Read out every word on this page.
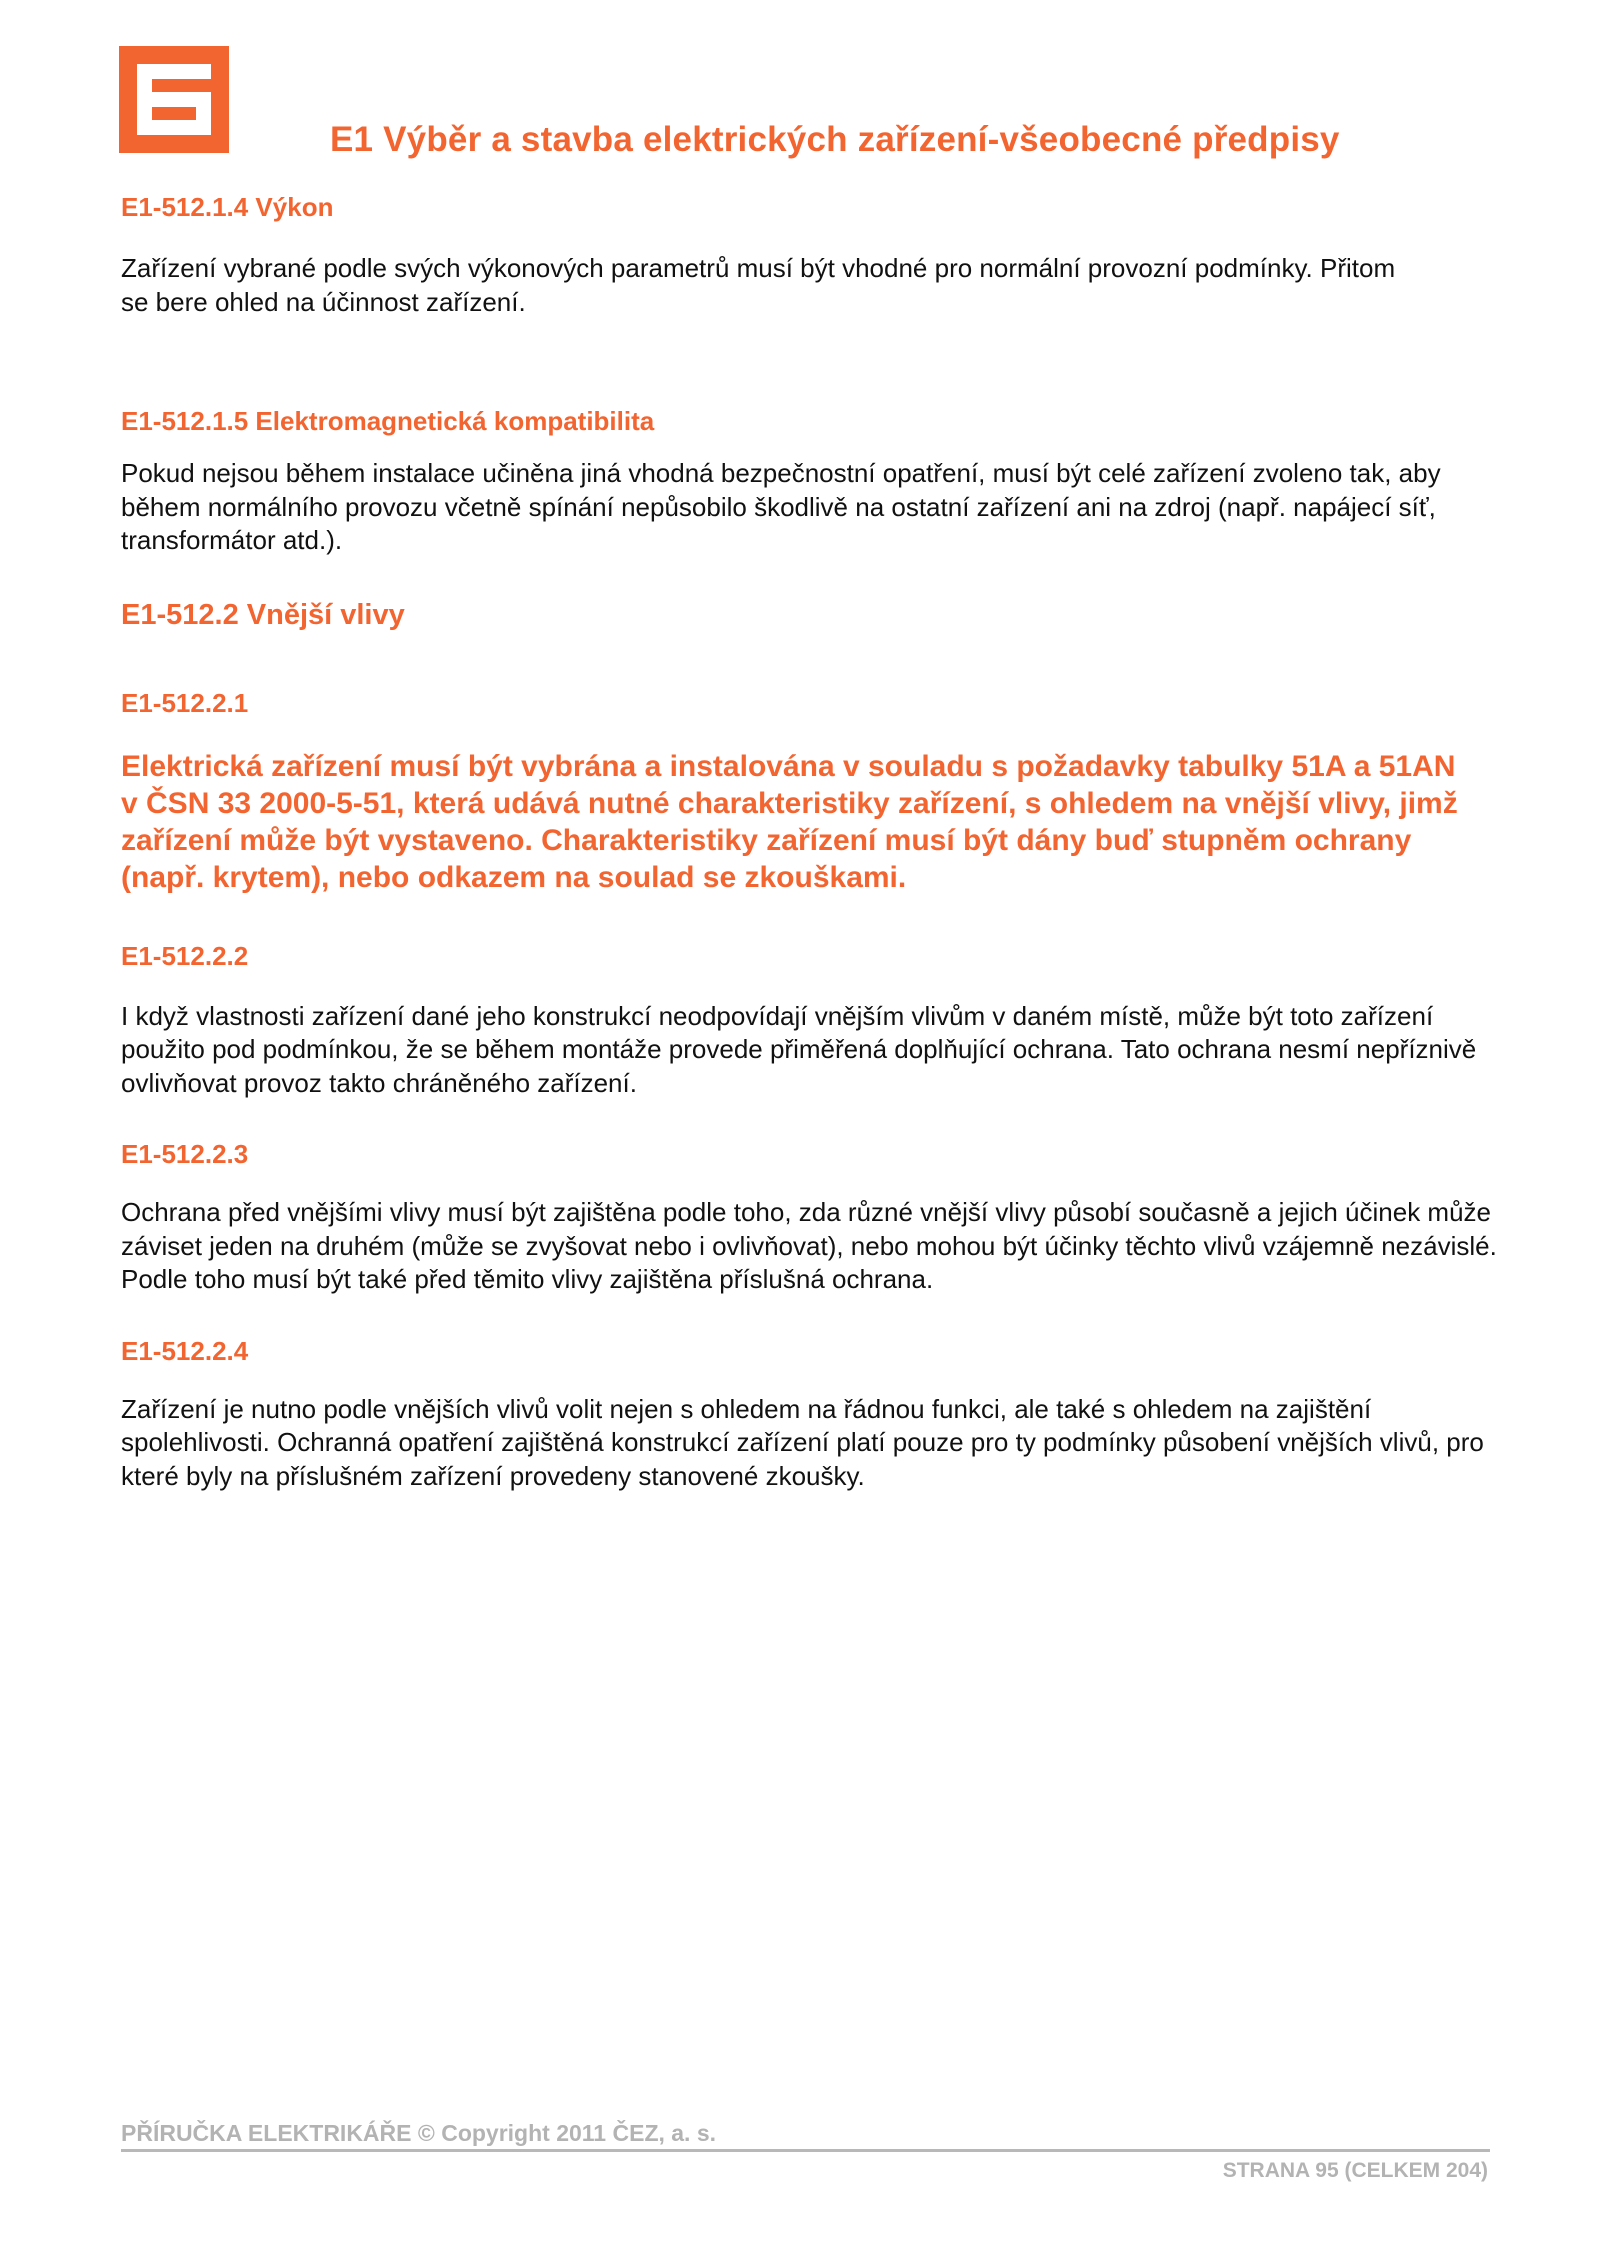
E1 Výběr a stavba elektrických zařízení-všeobecné předpisy
E1-512.1.4 Výkon

Zařízení vybrané podle svých výkonových parametrů musí být vhodné pro normální provozní podmínky. Přitom se bere ohled na účinnost zařízení.

E1-512.1.5 Elektromagnetická kompatibilita

Pokud nejsou během instalace učiněna jiná vhodná bezpečnostní opatření, musí být celé zařízení zvoleno tak, aby během normálního provozu včetně spínání nepůsobilo škodlivě na ostatní zařízení ani na zdroj (např. napájecí síť, transformátor atd.).

E1-512.2 Vnější vlivy
E1-512.2.1

Elektrická zařízení musí být vybrána a instalována v souladu s požadavky tabulky 51A a 51AN

v ČSN 33 2000-5-51, která udává nutné charakteristiky zařízení, s ohledem na vnější vlivy, jimž zařízení může být vystaveno. Charakteristiky zařízení musí být dány buď stupněm ochrany (např. krytem), nebo odkazem na soulad se zkouškami.

E1-512.2.2

I když vlastnosti zařízení dané jeho konstrukcí neodpovídají vnějším vlivům v daném místě, může být toto zařízení použito pod podmínkou, že se během montáže provede přiměřená doplňující ochrana. Tato ochrana nesmí nepříznivě ovlivňovat provoz takto chráněného zařízení.

E1-512.2.3

Ochrana před vnějšími vlivy musí být zajištěna podle toho, zda různé vnější vlivy působí současně a jejich účinek může záviset jeden na druhém (může se zvyšovat nebo i ovlivňovat), nebo mohou být účinky těchto vlivů vzájemně nezávislé. Podle toho musí být také před těmito vlivy zajištěna příslušná ochrana.

E1-512.2.4

Zařízení je nutno podle vnějších vlivů volit nejen s ohledem na řádnou funkci, ale také s ohledem na zajištění spolehlivosti. Ochranná opatření zajištěná konstrukcí zařízení platí pouze pro ty podmínky působení vnějších vlivů, pro které byly na příslušném zařízení provedeny stanovené zkoušky.

PŘÍRUČKA ELEKTRIKÁŘE © Copyright 2011 ČEZ, a. s.
STRANA 95 (CELKEM 204)
